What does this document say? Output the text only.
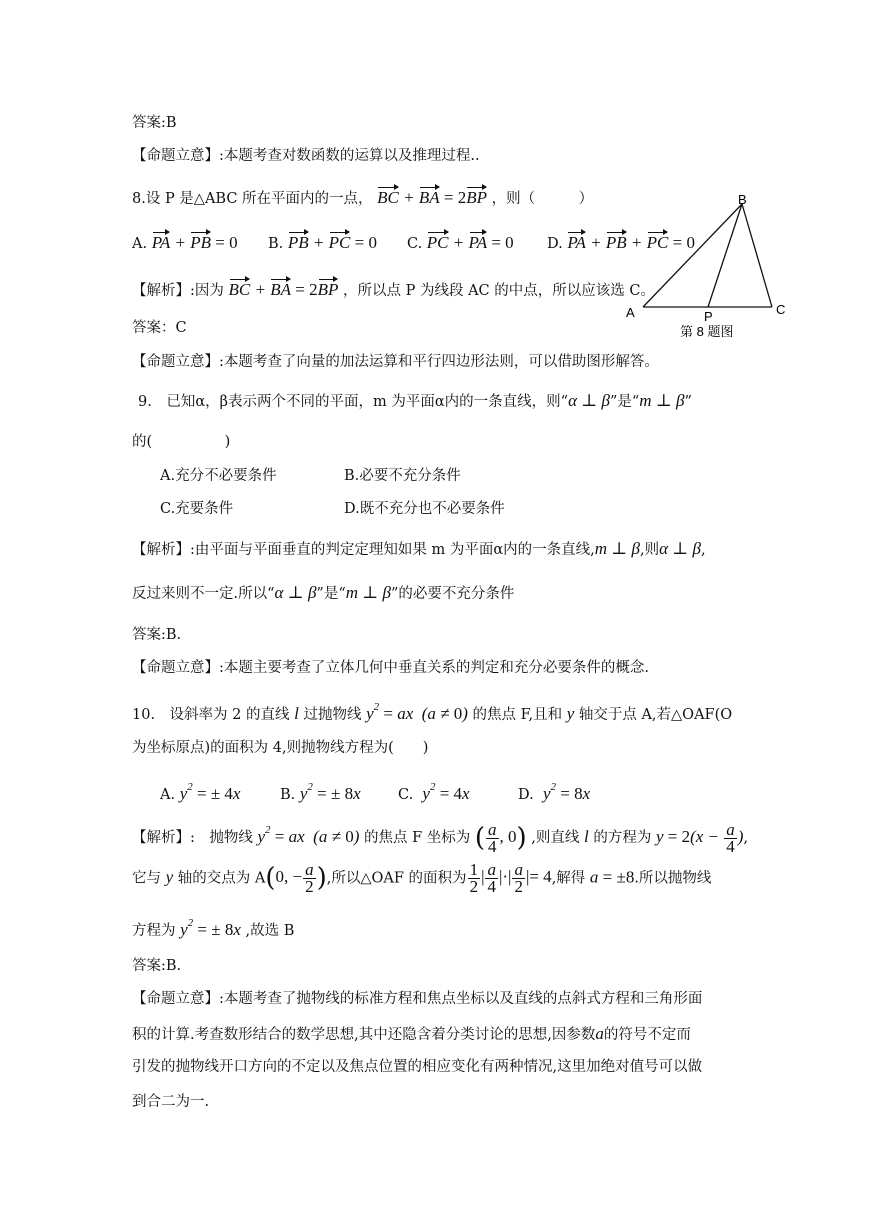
答案:B
【命题立意】:本题考查对数函数的运算以及推理过程..
8.设 P 是△ABC 所在平面内的一点， BC + BA = 2BP ，则（　　　）
A. PA + PB = 0 B. PB + PC = 0 C. PC + PA = 0 D. PA + PB + PC = 0
【解析】:因为 BC + BA = 2BP ，所以点 P 为线段 AC 的中点，所以应该选 C。
答案：C
【命题立意】:本题考查了向量的加法运算和平行四边形法则，可以借助图形解答。
B
A	C
P
第 8 题图
9.　已知α，β表示两个不同的平面，m 为平面α内的一条直线，则“α ⊥ β”是“m ⊥ β”
的(　　　　　)
A.充分不必要条件	B.必要不充分条件
C.充要条件	D.既不充分也不必要条件
【解析】:由平面与平面垂直的判定定理知如果 m 为平面α内的一条直线,m ⊥ β,则α ⊥ β,
反过来则不一定.所以“α ⊥ β”是“m ⊥ β”的必要不充分条件
答案:B.
【命题立意】:本题主要考查了立体几何中垂直关系的判定和充分必要条件的概念.
10.　设斜率为 2 的直线 l 过抛物线 $y^2$ = ax  (a ≠ 0) 的焦点 F,且和 y 轴交于点 A,若△OAF(O
为坐标原点)的面积为 4,则抛物线方程为(　　)
A. $y^2$ = ± 4x	B. $y^2$ = ± 8x	C. $y^2 = 4x$	D. $y^2 = 8x$
【解析】:　抛物线 $y^2$ = ax  (a ≠ 0) 的焦点 F 坐标为 ( $\frac{a}{4}$ , 0) ,则直线 l 的方程为 $y = 2(x - \frac{a}{4}$ ),
它与 y 轴的交点为 A(0, − $\frac{a}{2}$ ),所以△OAF 的面积为 $\frac{1}{2}$ | $\frac{a}{4}$ |·| $\frac{a}{2}$ |= 4,解得 a = ±8.所以抛物线
方程为 $y^2$ = ± 8x ,故选 B
答案:B.
【命题立意】:本题考查了抛物线的标准方程和焦点坐标以及直线的点斜式方程和三角形面
积的计算.考查数形结合的数学思想,其中还隐含着分类讨论的思想,因参数a的符号不定而
引发的抛物线开口方向的不定以及焦点位置的相应变化有两种情况,这里加绝对值号可以做
到合二为一.
